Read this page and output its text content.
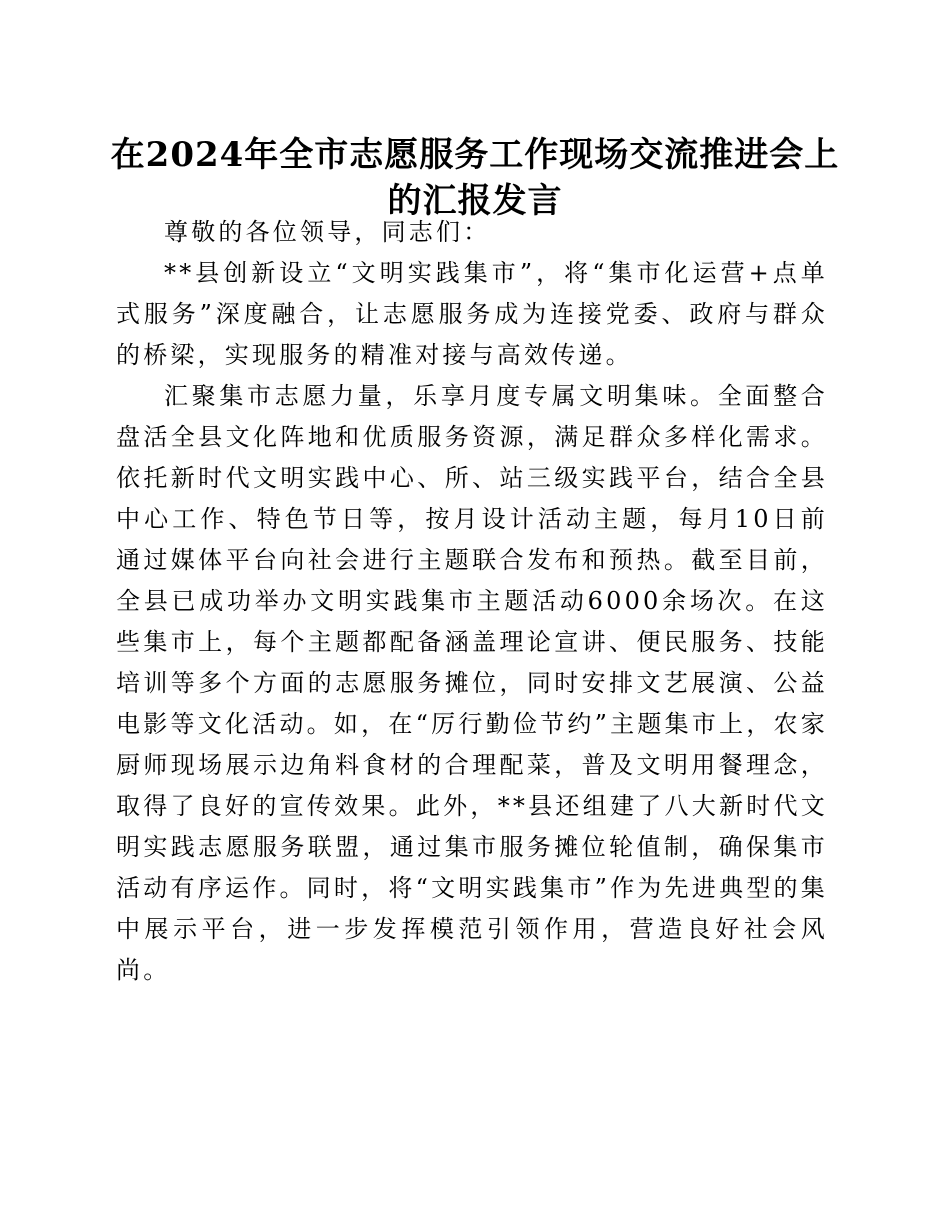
在2024年全市志愿服务工作现场交流推进会上
的汇报发言

尊敬的各位领导，同志们：

**县创新设立“文明实践集市”，将“集市化运营+点单式服务”深度融合，让志愿服务成为连接党委、政府与群众的桥梁，实现服务的精准对接与高效传递。

汇聚集市志愿力量，乐享月度专属文明集味。全面整合盘活全县文化阵地和优质服务资源，满足群众多样化需求。依托新时代文明实践中心、所、站三级实践平台，结合全县中心工作、特色节日等，按月设计活动主题，每月10日前通过媒体平台向社会进行主题联合发布和预热。截至目前，全县已成功举办文明实践集市主题活动6000余场次。在这些集市上，每个主题都配备涵盖理论宣讲、便民服务、技能培训等多个方面的志愿服务摊位，同时安排文艺展演、公益电影等文化活动。如，在“厉行勤俭节约”主题集市上，农家厨师现场展示边角料食材的合理配菜，普及文明用餐理念，取得了良好的宣传效果。此外，**县还组建了八大新时代文明实践志愿服务联盟，通过集市服务摊位轮值制，确保集市活动有序运作。同时，将“文明实践集市”作为先进典型的集中展示平台，进一步发挥模范引领作用，营造良好社会风尚。
